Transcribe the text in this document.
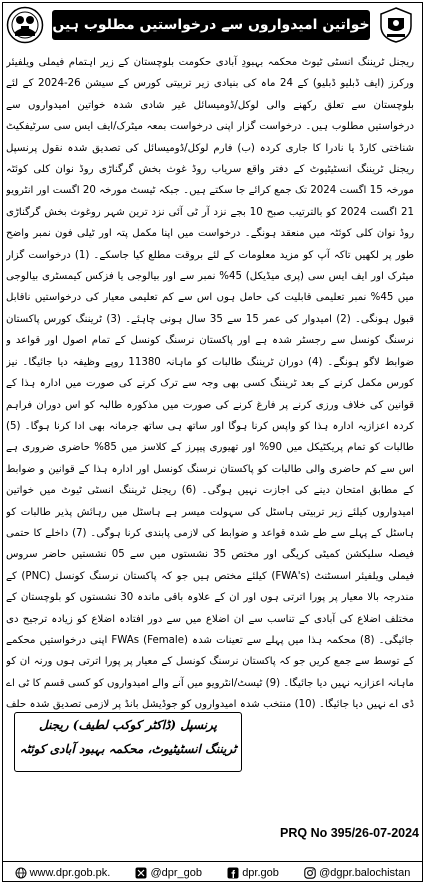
خواتین امیدواروں سے درخواستیں مطلوب ہیں

ریجنل ٹریننگ انسٹی ٹیوٹ محکمہ بہبودِ آبادی حکومت بلوچستان کے زیر اہتمام فیملی ویلفیئر ورکرز (ایف ڈبلیو ڈبلیو) کے 24 ماہ کی بنیادی زیر تربیتی کورس کے سیشن 26-2024 کے لئے بلوچستان سے تعلق رکھنے والی لوکل/ڈومیسائل غیر شادی شدہ خواتین امیدواروں سے درخواستیں مطلوب ہیں۔ درخواست گزار اپنی درخواست بمعہ میٹرک/ایف ایس سی سرٹیفکیٹ شناختی کارڈ یا نادرا کا جاری کردہ (ب) فارم لوکل/ڈومیسائل کی تصدیق شدہ نقول پرنسپل ریجنل ٹریننگ انسٹیٹیوٹ کے دفتر واقع سریاب روڈ غوث بخش گرگناڑی روڈ نوان کلی کوئٹہ مورخہ 15 اگست 2024 تک جمع کرائے جا سکتے ہیں۔ جبکہ ٹیسٹ مورخہ 20 اگست اور انٹرویو 21 اگست 2024 کو بالترتیب صبح 10 بجے نزد آر ٹی آئی نزد ترین شہر روغوث بخش گرگناڑی روڈ نوان کلی کوئٹہ میں منعقد ہونگے۔ درخواست میں اپنا مکمل پتہ اور ٹیلی فون نمبر واضح طور پر لکھیں تاکہ آپ کو مزید معلومات کے لئے بروقت مطلع کیا جاسکے۔ (1) درخواست گزار میٹرک اور ایف ایس سی (پری میڈیکل) 45% نمبر سے اور بیالوجی یا فزکس کیمسٹری بیالوجی میں 45% نمبر تعلیمی قابلیت کی حامل ہوں اس سے کم تعلیمی معیار کی درخواستیں ناقابل قبول ہونگی۔ (2) امیدوار کی عمر 15 سے 35 سال ہونی چاہئے۔ (3) ٹریننگ کورس پاکستان نرسنگ کونسل سے رجسٹر شدہ ہے اور پاکستان نرسنگ کونسل کے تمام اصول اور قواعد و ضوابط لاگو ہونگے۔ (4) دوران ٹریننگ طالبات کو ماہانہ 11380 روپے وظیفہ دیا جائیگا۔ نیز کورس مکمل کرنے کے بعد ٹریننگ کسی بھی وجہ سے ترک کرنے کی صورت میں ادارہ ہذا کے قوانین کی خلاف ورزی کرنے پر فارغ کرنے کی صورت میں مذکورہ طالبہ کو اس دوران فراہم کردہ اعزازیہ ادارہ ہذا کو واپس کرنا ہوگا اور ساتھ ہی ساتھ جرمانہ بھی ادا کرنا ہوگا۔ (5) طالبات کو تمام پریکٹیکل میں 90% اور تھیوری پیپرز کے کلاسز میں 85% حاضری ضروری ہے اس سے کم حاضری والی طالبات کو پاکستان نرسنگ کونسل اور ادارہ ہذا کے قوانین و ضوابط کے مطابق امتحان دینے کی اجازت نہیں ہوگی۔ (6) ریجنل ٹریننگ انسٹی ٹیوٹ میں خواتین امیدواروں کیلئے زیر تربیتی ہاسٹل کی سہولت میسر ہے ہاسٹل میں رہائش پذیر طالبات کو ہاسٹل کے پہلے سے طے شدہ قواعد و ضوابط کی لازمی پابندی کرنا ہوگی۔ (7) داخلے کا حتمی فیصلہ سلیکشن کمیٹی کریگی اور مختص 35 نشستوں میں سے 05 نشستیں حاضر سروس فیملی ویلفیئر اسسٹنٹ (FWA's) کیلئے مختص ہیں جو کہ پاکستان نرسنگ کونسل (PNC) کے مندرجہ بالا معیار پر پورا اترتی ہوں اور ان کے علاوہ باقی ماندہ 30 نشستوں کو بلوچستان کے مختلف اضلاع کی آبادی کے تناسب سے ان اضلاع میں سے دور افتادہ اضلاع کو زیادہ ترجیح دی جائیگی۔ (8) محکمہ ہذا میں پہلے سے تعینات شدہ (Female) FWAs اپنی درخواستیں محکمے کے توسط سے جمع کریں جو کہ پاکستان نرسنگ کونسل کے معیار پر پورا اترتی ہوں ورنہ ان کو ماہانہ اعزازیہ نہیں دیا جائیگا۔ (9) ٹیسٹ/انٹرویو میں آنے والے امیدواروں کو کسی قسم کا ٹی اے ڈی اے نہیں دیا جائیگا۔ (10) منتخب شدہ امیدواروں کو جوڈیشل بانڈ پر لازمی تصدیق شدہ حلف

پرنسپل (ڈاکٹر کوکب لطیف) ریجنل
ٹریننگ انسٹیٹیوٹ، محکمہ بہبود آبادی کوئٹہ
PRQ No 395/26-07-2024
www.dpr.gob.pk.	@dpr_gob	dpr.gob	@dgpr.balochistan
